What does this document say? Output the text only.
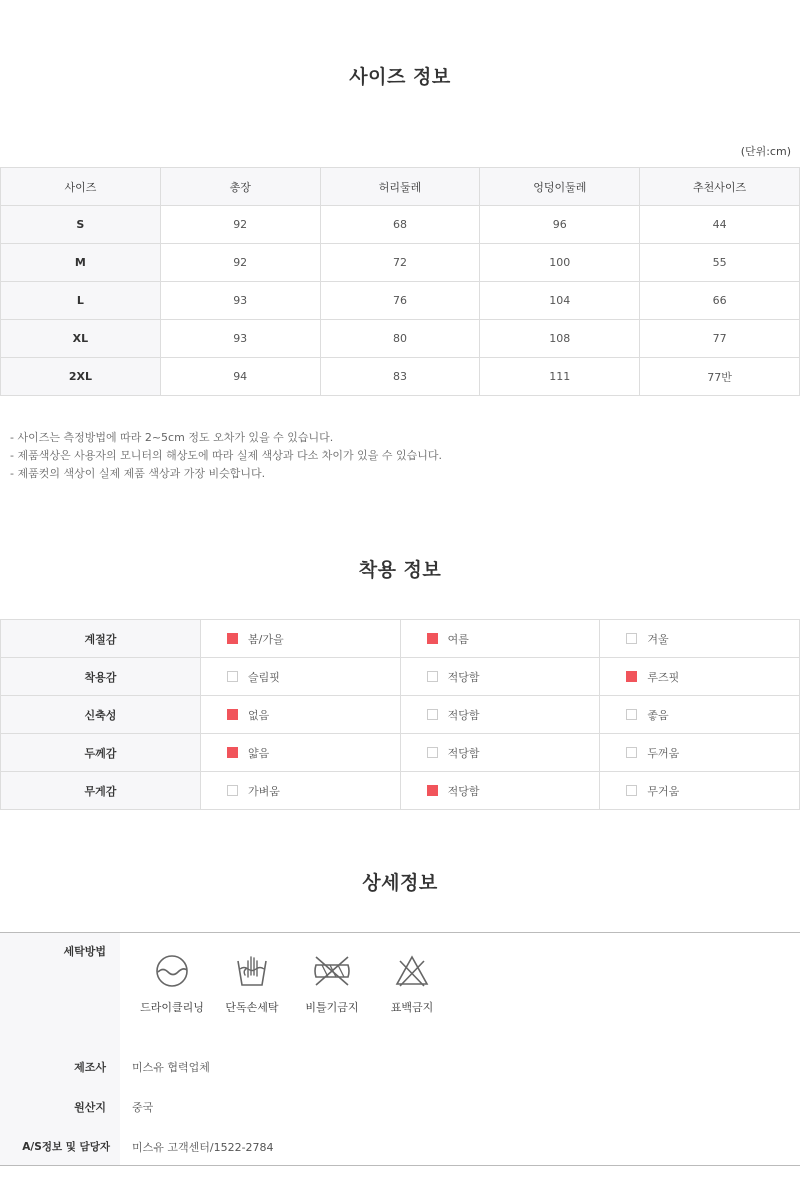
사이즈 정보
(단위:cm)
사이즈	총장	허리둘레	엉덩이둘레	추천사이즈
S	92	68	96	44
M	92	72	100	55
L	93	76	104	66
XL	93	80	108	77
2XL	94	83	111	77반
- 사이즈는 측정방법에 따라 2~5cm 정도 오차가 있을 수 있습니다.
- 제품색상은 사용자의 모니터의 해상도에 따라 실제 색상과 다소 차이가 있을 수 있습니다.
- 제품컷의 색상이 실제 제품 색상과 가장 비슷합니다.
착용 정보
계절감	봄/가을	여름	겨울
착용감	슬림핏	적당함	루즈핏
신축성	없음	적당함	좋음
두께감	얇음	적당함	두꺼움
무게감	가벼움	적당함	무거움
상세정보
세탁방법
드라이클리닝	단독손세탁	비틀기금지	표백금지
제조사	미스유 협력업체
원산지	중국
A/S정보 및 담당자	미스유 고객센터/1522-2784
